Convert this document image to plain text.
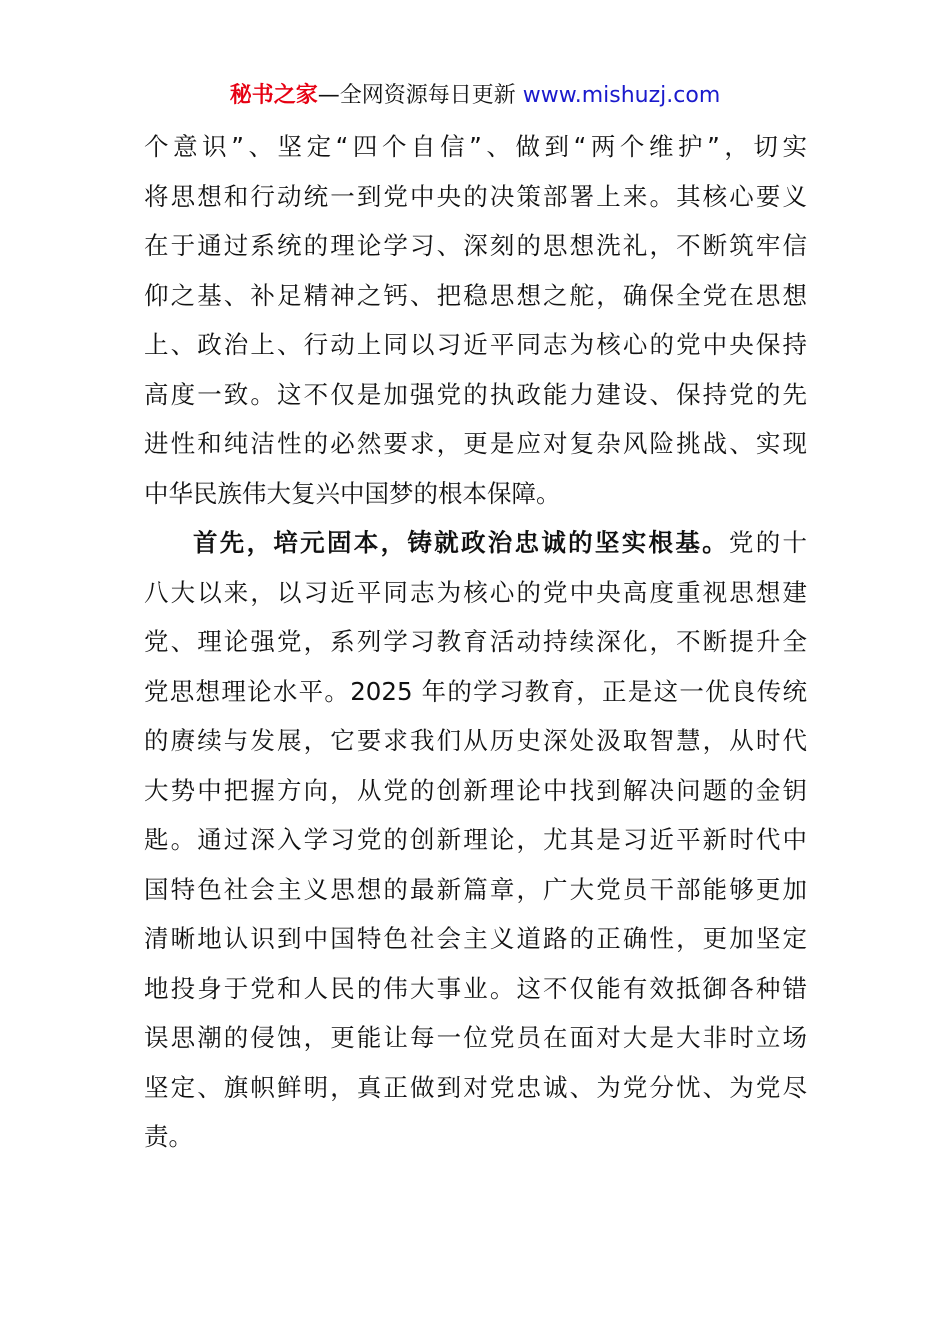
秘书之家—全网资源每日更新 www.mishuzj.com
个意识”、坚定“四个自信”、做到“两个维护”，切实
将思想和行动统一到党中央的决策部署上来。其核心要义
在于通过系统的理论学习、深刻的思想洗礼，不断筑牢信
仰之基、补足精神之钙、把稳思想之舵，确保全党在思想
上、政治上、行动上同以习近平同志为核心的党中央保持
高度一致。这不仅是加强党的执政能力建设、保持党的先
进性和纯洁性的必然要求，更是应对复杂风险挑战、实现
中华民族伟大复兴中国梦的根本保障。
首先，培元固本，铸就政治忠诚的坚实根基。党的十
八大以来，以习近平同志为核心的党中央高度重视思想建
党、理论强党，系列学习教育活动持续深化，不断提升全
党思想理论水平。2025 年的学习教育，正是这一优良传统
的赓续与发展，它要求我们从历史深处汲取智慧，从时代
大势中把握方向，从党的创新理论中找到解决问题的金钥
匙。通过深入学习党的创新理论，尤其是习近平新时代中
国特色社会主义思想的最新篇章，广大党员干部能够更加
清晰地认识到中国特色社会主义道路的正确性，更加坚定
地投身于党和人民的伟大事业。这不仅能有效抵御各种错
误思潮的侵蚀，更能让每一位党员在面对大是大非时立场
坚定、旗帜鲜明，真正做到对党忠诚、为党分忧、为党尽
责。
